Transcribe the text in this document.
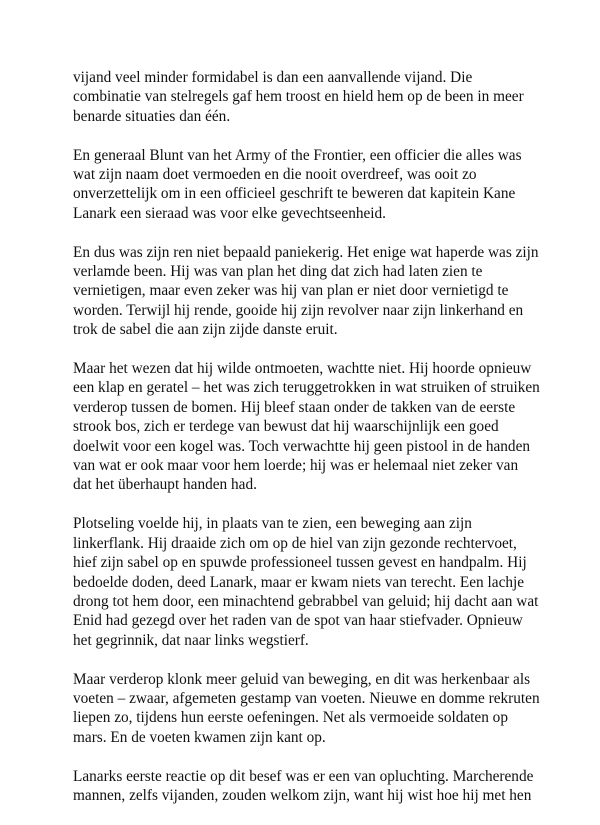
vijand veel minder formidabel is dan een aanvallende vijand. Die
combinatie van stelregels gaf hem troost en hield hem op de been in meer
benarde situaties dan één.

En generaal Blunt van het Army of the Frontier, een officier die alles was
wat zijn naam doet vermoeden en die nooit overdreef, was ooit zo
onverzettelijk om in een officieel geschrift te beweren dat kapitein Kane
Lanark een sieraad was voor elke gevechtseenheid.

En dus was zijn ren niet bepaald paniekerig. Het enige wat haperde was zijn
verlamde been. Hij was van plan het ding dat zich had laten zien te
vernietigen, maar even zeker was hij van plan er niet door vernietigd te
worden. Terwijl hij rende, gooide hij zijn revolver naar zijn linkerhand en
trok de sabel die aan zijn zijde danste eruit.

Maar het wezen dat hij wilde ontmoeten, wachtte niet. Hij hoorde opnieuw
een klap en geratel – het was zich teruggetrokken in wat struiken of struiken
verderop tussen de bomen. Hij bleef staan onder de takken van de eerste
strook bos, zich er terdege van bewust dat hij waarschijnlijk een goed
doelwit voor een kogel was. Toch verwachtte hij geen pistool in de handen
van wat er ook maar voor hem loerde; hij was er helemaal niet zeker van
dat het überhaupt handen had.

Plotseling voelde hij, in plaats van te zien, een beweging aan zijn
linkerflank. Hij draaide zich om op de hiel van zijn gezonde rechtervoet,
hief zijn sabel op en spuwde professioneel tussen gevest en handpalm. Hij
bedoelde doden, deed Lanark, maar er kwam niets van terecht. Een lachje
drong tot hem door, een minachtend gebrabbel van geluid; hij dacht aan wat
Enid had gezegd over het raden van de spot van haar stiefvader. Opnieuw
het gegrinnik, dat naar links wegstierf.

Maar verderop klonk meer geluid van beweging, en dit was herkenbaar als
voeten – zwaar, afgemeten gestamp van voeten. Nieuwe en domme rekruten
liepen zo, tijdens hun eerste oefeningen. Net als vermoeide soldaten op
mars. En de voeten kwamen zijn kant op.

Lanarks eerste reactie op dit besef was er een van opluchting. Marcherende
mannen, zelfs vijanden, zouden welkom zijn, want hij wist hoe hij met hen
